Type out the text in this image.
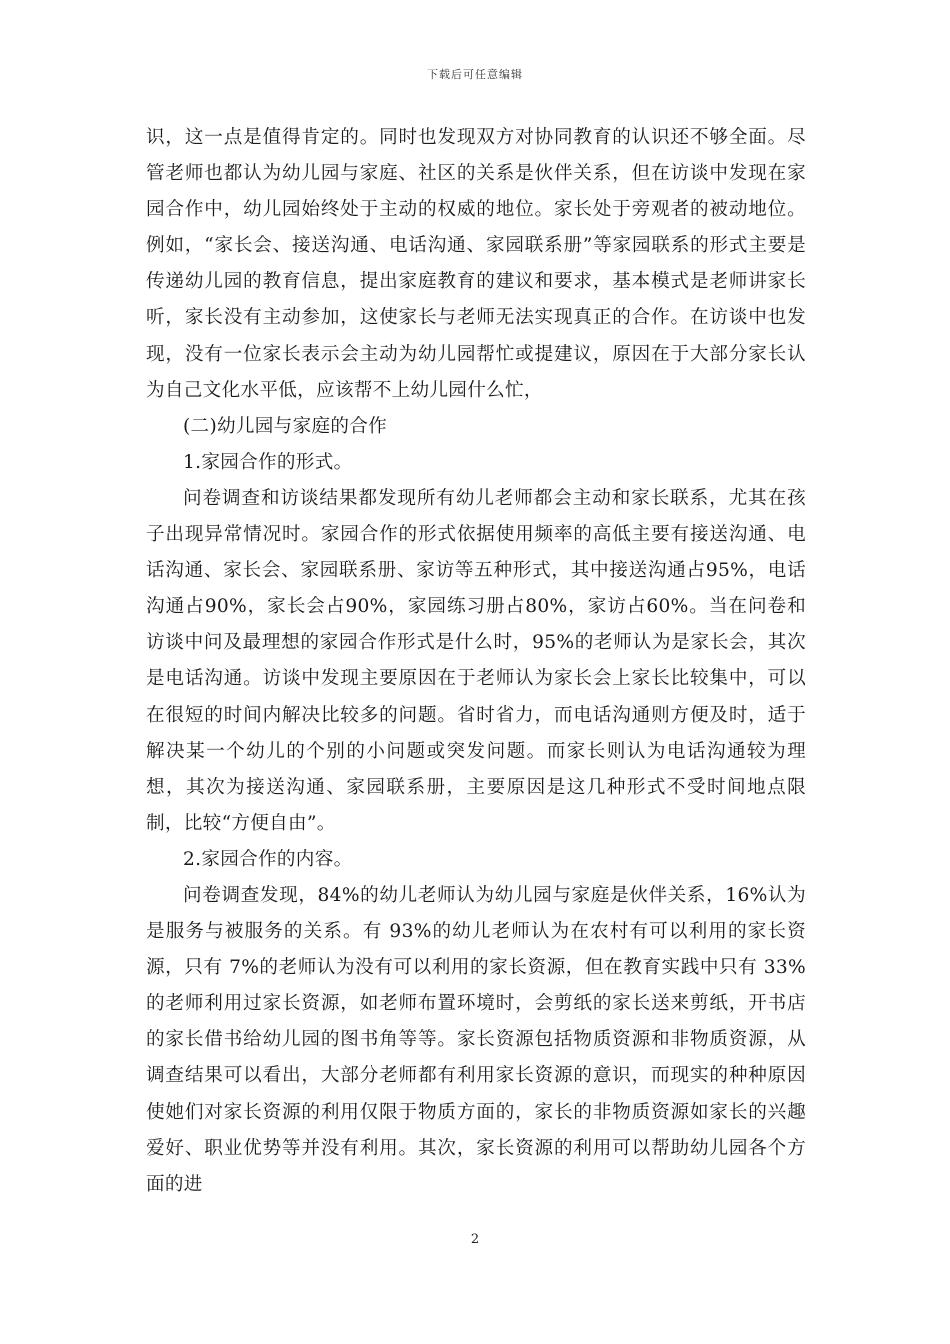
下载后可任意编辑

识，这一点是值得肯定的。同时也发现双方对协同教育的认识还不够全面。尽管老师也都认为幼儿园与家庭、社区的关系是伙伴关系，但在访谈中发现在家园合作中，幼儿园始终处于主动的权威的地位。家长处于旁观者的被动地位。例如，“家长会、接送沟通、电话沟通、家园联系册”等家园联系的形式主要是传递幼儿园的教育信息，提出家庭教育的建议和要求，基本模式是老师讲家长听，家长没有主动参加，这使家长与老师无法实现真正的合作。在访谈中也发现，没有一位家长表示会主动为幼儿园帮忙或提建议，原因在于大部分家长认为自己文化水平低，应该帮不上幼儿园什么忙，

(二)幼儿园与家庭的合作

1.家园合作的形式。

问卷调查和访谈结果都发现所有幼儿老师都会主动和家长联系，尤其在孩子出现异常情况时。家园合作的形式依据使用频率的高低主要有接送沟通、电话沟通、家长会、家园联系册、家访等五种形式，其中接送沟通占95%，电话沟通占90%，家长会占90%，家园练习册占80%，家访占60%。当在问卷和访谈中问及最理想的家园合作形式是什么时，95%的老师认为是家长会，其次是电话沟通。访谈中发现主要原因在于老师认为家长会上家长比较集中，可以在很短的时间内解决比较多的问题。省时省力，而电话沟通则方便及时，适于解决某一个幼儿的个别的小问题或突发问题。而家长则认为电话沟通较为理想，其次为接送沟通、家园联系册，主要原因是这几种形式不受时间地点限制，比较“方便自由”。

2.家园合作的内容。

问卷调查发现，84%的幼儿老师认为幼儿园与家庭是伙伴关系，16%认为是服务与被服务的关系。有 93%的幼儿老师认为在农村有可以利用的家长资源，只有 7%的老师认为没有可以利用的家长资源，但在教育实践中只有 33%的老师利用过家长资源，如老师布置环境时，会剪纸的家长送来剪纸，开书店的家长借书给幼儿园的图书角等等。家长资源包括物质资源和非物质资源，从调查结果可以看出，大部分老师都有利用家长资源的意识，而现实的种种原因使她们对家长资源的利用仅限于物质方面的，家长的非物质资源如家长的兴趣爱好、职业优势等并没有利用。其次，家长资源的利用可以帮助幼儿园各个方面的进

2
